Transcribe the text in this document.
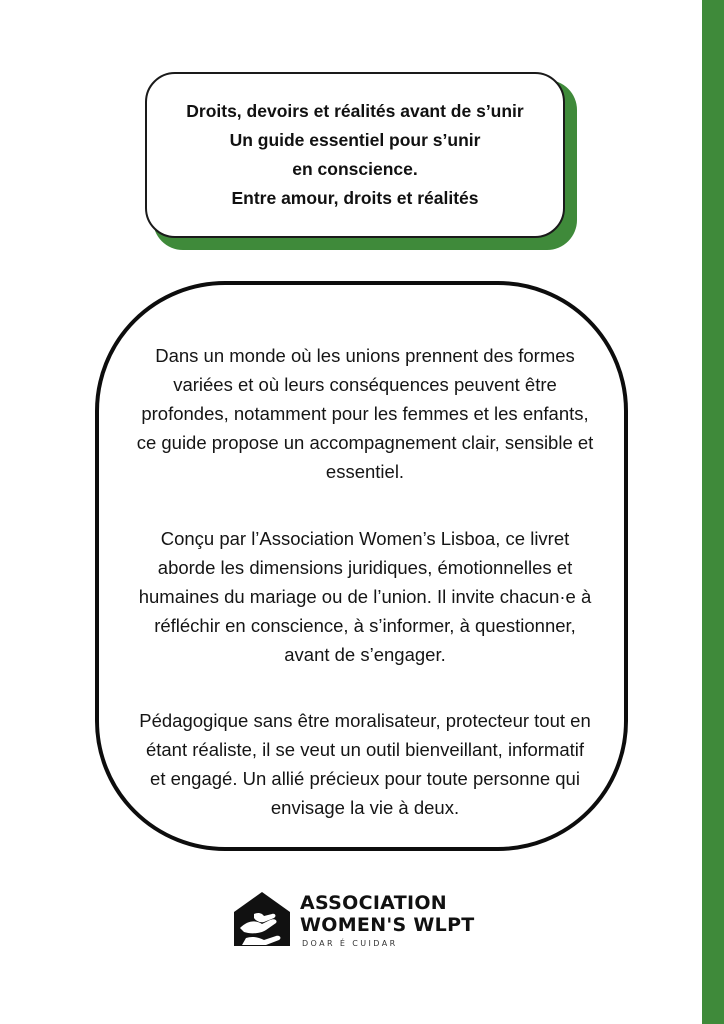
Droits, devoirs et réalités avant de s’unir
Un guide essentiel pour s’unir
en conscience.
Entre amour, droits et réalités

Dans un monde où les unions prennent des formes
variées et où leurs conséquences peuvent être
profondes, notamment pour les femmes et les enfants,
ce guide propose un accompagnement clair, sensible et
essentiel.

Conçu par l’Association Women’s Lisboa, ce livret
aborde les dimensions juridiques, émotionnelles et
humaines du mariage ou de l’union. Il invite chacun·e à
réfléchir en conscience, à s’informer, à questionner,
avant de s’engager.

Pédagogique sans être moralisateur, protecteur tout en
étant réaliste, il se veut un outil bienveillant, informatif
et engagé. Un allié précieux pour toute personne qui
envisage la vie à deux.

ASSOCIATION
WOMEN'S WLPT
DOAR É CUIDAR
